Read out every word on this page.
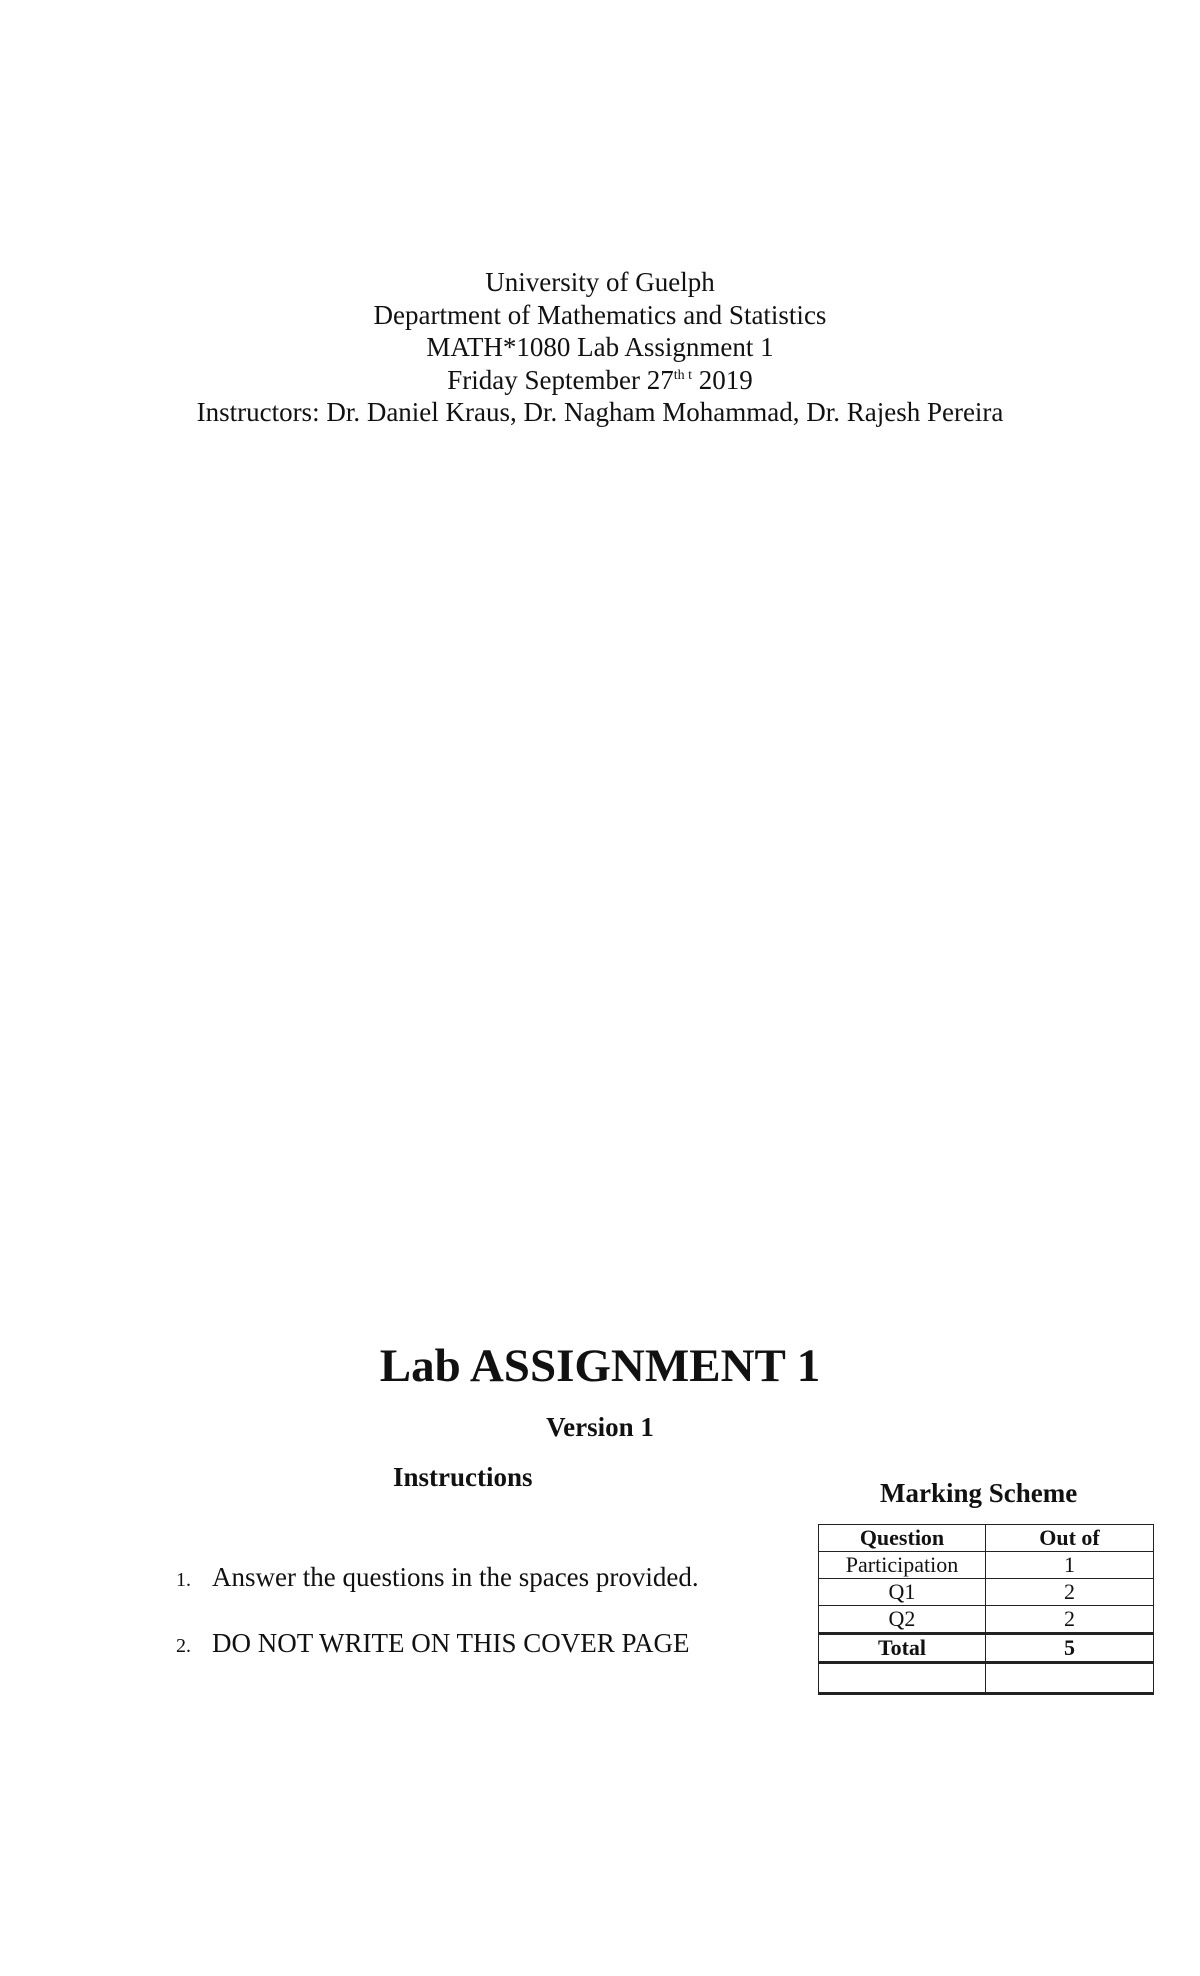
University of Guelph
Department of Mathematics and Statistics
MATH*1080 Lab Assignment 1
Friday September $27^{th t}$ 2019
Instructors: Dr. Daniel Kraus, Dr. Nagham Mohammad, Dr. Rajesh Pereira
Lab ASSIGNMENT 1
Version 1
Instructions
Marking Scheme
1. Answer the questions in the spaces provided.
2. DO NOT WRITE ON THIS COVER PAGE
Question	Out of
Participation	1
Q1	2
Q2	2
Total	5
